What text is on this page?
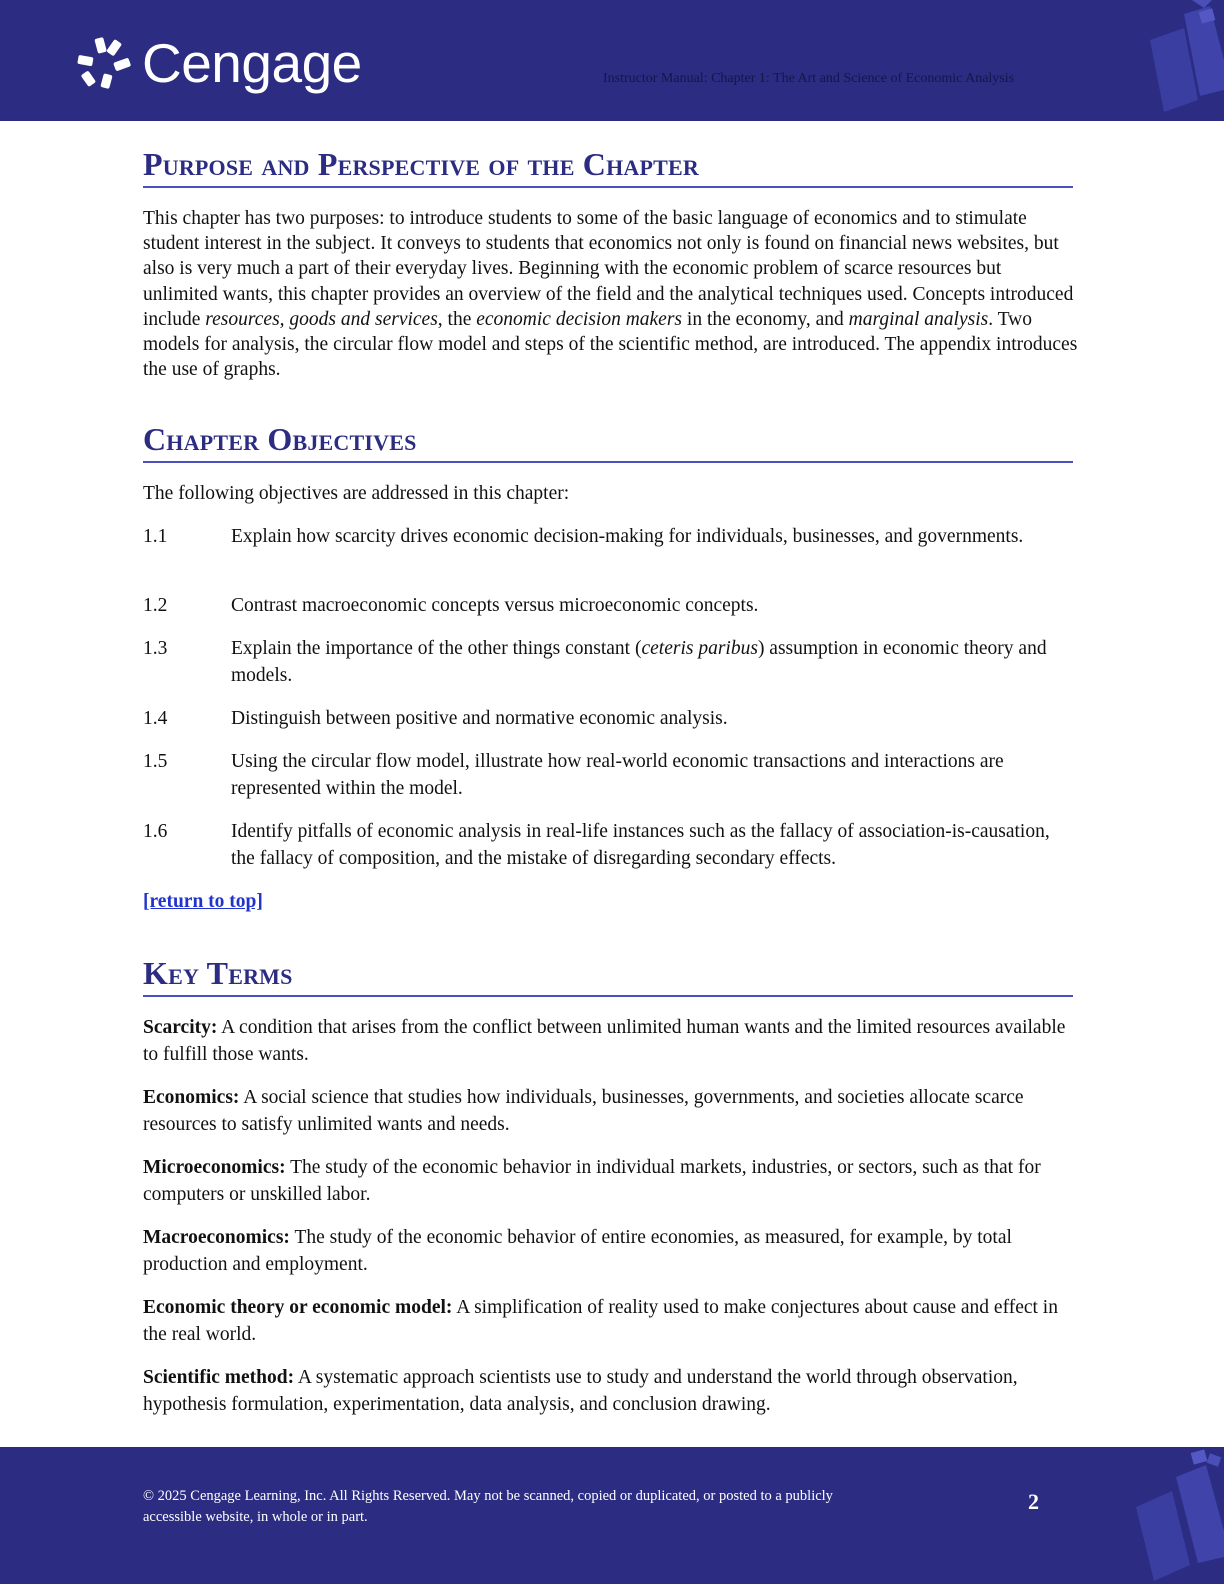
Cengage	Instructor Manual: Chapter 1: The Art and Science of Economic Analysis
Purpose and Perspective of the Chapter
This chapter has two purposes: to introduce students to some of the basic language of economics and to stimulate student interest in the subject. It conveys to students that economics not only is found on financial news websites, but also is very much a part of their everyday lives. Beginning with the economic problem of scarce resources but unlimited wants, this chapter provides an overview of the field and the analytical techniques used. Concepts introduced include resources, goods and services, the economic decision makers in the economy, and marginal analysis. Two models for analysis, the circular flow model and steps of the scientific method, are introduced. The appendix introduces the use of graphs.
Chapter Objectives
The following objectives are addressed in this chapter:
1.1	Explain how scarcity drives economic decision-making for individuals, businesses, and governments.
1.2	Contrast macroeconomic concepts versus microeconomic concepts.
1.3	Explain the importance of the other things constant (ceteris paribus) assumption in economic theory and models.
1.4	Distinguish between positive and normative economic analysis.
1.5	Using the circular flow model, illustrate how real-world economic transactions and interactions are represented within the model.
1.6	Identify pitfalls of economic analysis in real-life instances such as the fallacy of association-is-causation, the fallacy of composition, and the mistake of disregarding secondary effects.
[return to top]
Key Terms
Scarcity: A condition that arises from the conflict between unlimited human wants and the limited resources available to fulfill those wants.
Economics: A social science that studies how individuals, businesses, governments, and societies allocate scarce resources to satisfy unlimited wants and needs.
Microeconomics: The study of the economic behavior in individual markets, industries, or sectors, such as that for computers or unskilled labor.
Macroeconomics: The study of the economic behavior of entire economies, as measured, for example, by total production and employment.
Economic theory or economic model: A simplification of reality used to make conjectures about cause and effect in the real world.
Scientific method: A systematic approach scientists use to study and understand the world through observation, hypothesis formulation, experimentation, data analysis, and conclusion drawing.
© 2025 Cengage Learning, Inc. All Rights Reserved. May not be scanned, copied or duplicated, or posted to a publicly accessible website, in whole or in part.
2
